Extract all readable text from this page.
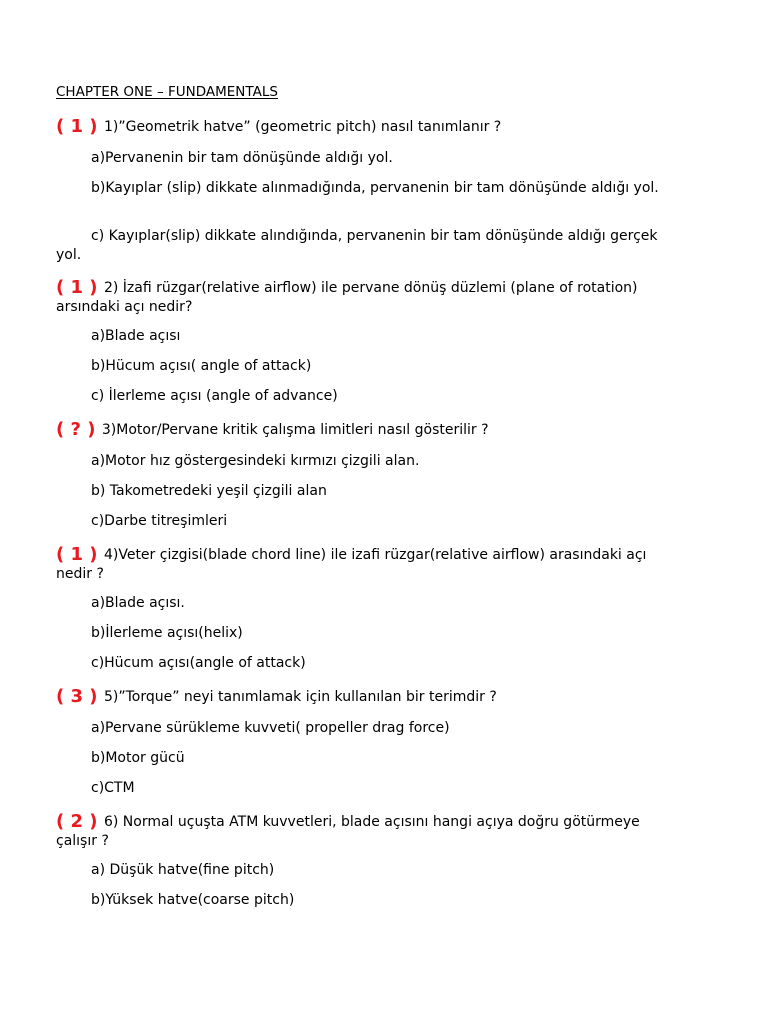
CHAPTER ONE – FUNDAMENTALS
( 1 ) 1)”Geometrik hatve” (geometric pitch) nasıl tanımlanır ?
a)Pervanenin bir tam dönüşünde aldığı yol.
b)Kayıplar (slip) dikkate alınmadığında, pervanenin bir tam dönüşünde aldığı yol.
c) Kayıplar(slip) dikkate alındığında, pervanenin bir tam dönüşünde aldığı gerçek yol.
( 1 ) 2) İzafi rüzgar(relative airflow) ile pervane dönüş düzlemi (plane of rotation) arsındaki açı nedir?
a)Blade açısı
b)Hücum açısı( angle of attack)
c) İlerleme açısı (angle of advance)
( ? ) 3)Motor/Pervane kritik çalışma limitleri nasıl gösterilir ?
a)Motor hız göstergesindeki kırmızı çizgili alan.
b) Takometredeki yeşil çizgili alan
c)Darbe titreşimleri
( 1 ) 4)Veter çizgisi(blade chord line) ile izafi rüzgar(relative airflow) arasındaki açı nedir ?
a)Blade açısı.
b)İlerleme açısı(helix)
c)Hücum açısı(angle of attack)
( 3 ) 5)”Torque” neyi tanımlamak için kullanılan bir terimdir ?
a)Pervane sürükleme kuvveti( propeller drag force)
b)Motor gücü
c)CTM
( 2 ) 6) Normal uçuşta ATM kuvvetleri, blade açısını hangi açıya doğru götürmeye çalışır ?
a) Düşük hatve(fine pitch)
b)Yüksek hatve(coarse pitch)
